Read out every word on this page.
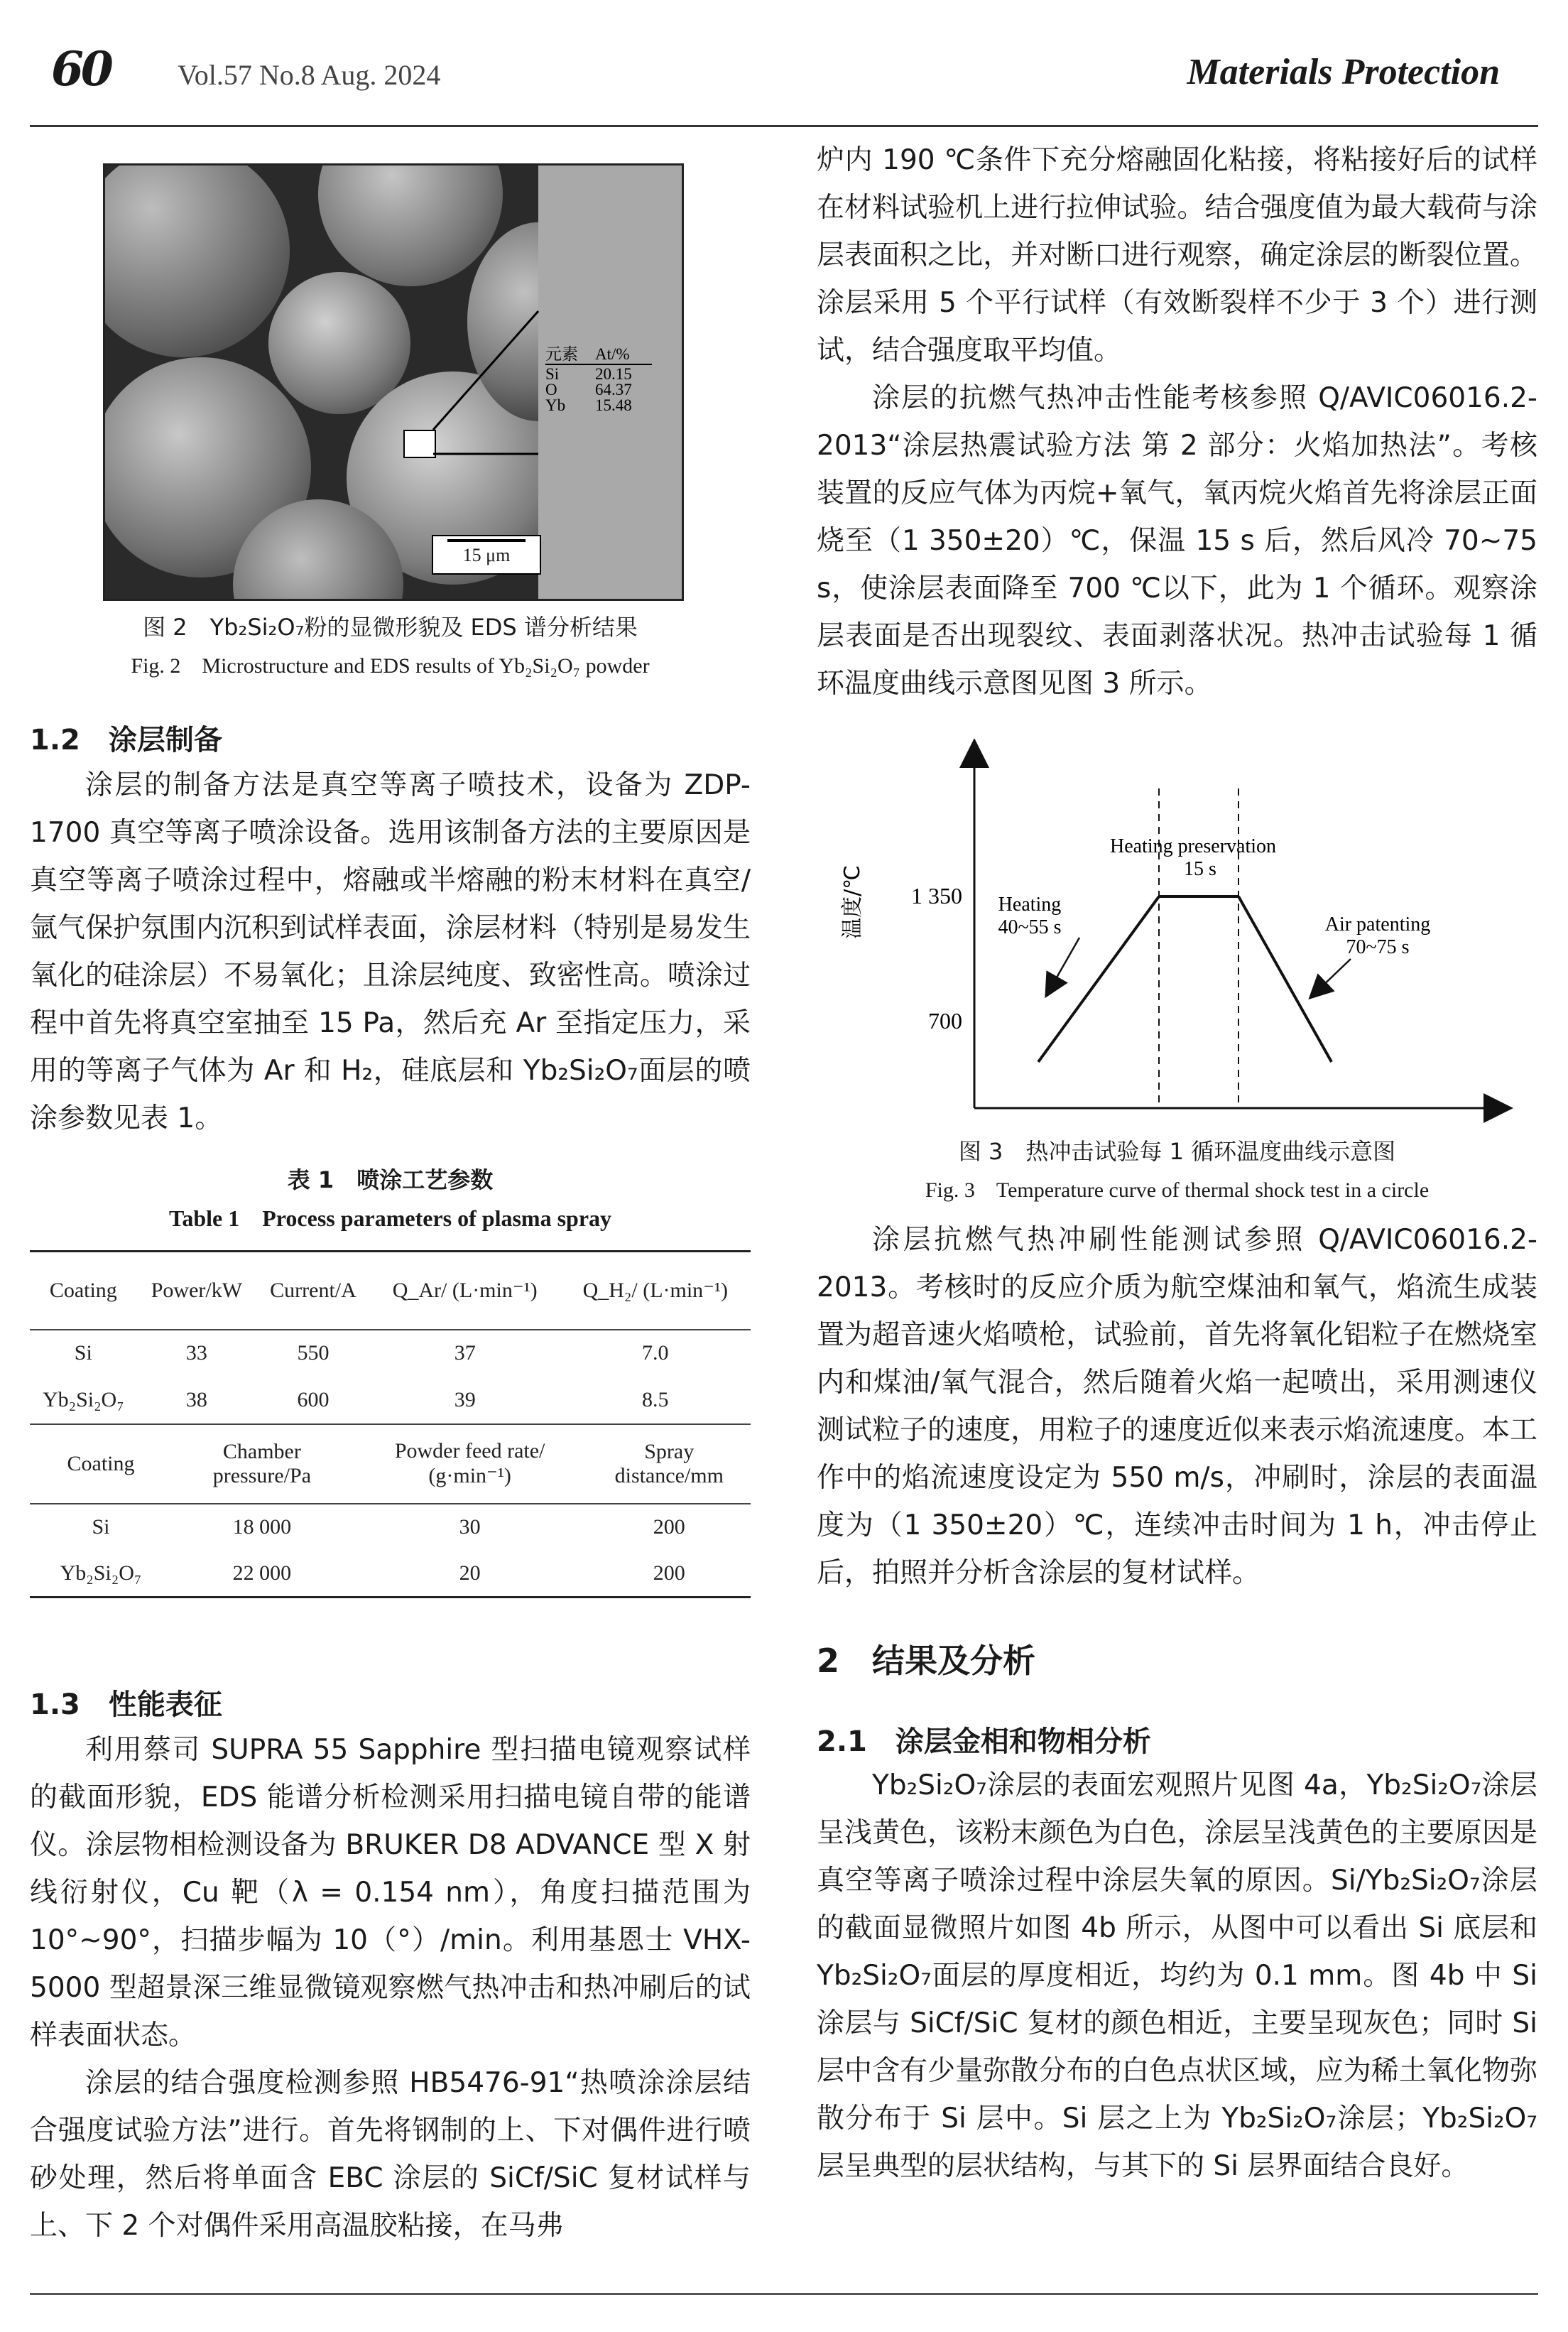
60 Vol.57 No.8 Aug. 2024	Materials Protection
15 μm
元素	At/%
Si	20.15
O	64.37
Yb	15.48
图 2　Yb₂Si₂O₇粉的显微形貌及 EDS 谱分析结果
Fig. 2　Microstructure and EDS results of Yb₂Si₂O₇ powder
1.2　涂层制备

涂层的制备方法是真空等离子喷技术，设备为 ZDP-1700 真空等离子喷涂设备。选用该制备方法的主要原因是真空等离子喷涂过程中，熔融或半熔融的粉末材料在真空/氩气保护氛围内沉积到试样表面，涂层材料（特别是易发生氧化的硅涂层）不易氧化；且涂层纯度、致密性高。喷涂过程中首先将真空室抽至 15 Pa，然后充 Ar 至指定压力，采用的等离子气体为 Ar 和 H₂，硅底层和 Yb₂Si₂O₇面层的喷涂参数见表 1。

表 1　喷涂工艺参数
Table 1　Process parameters of plasma spray
Coating	Power/kW	Current/A	Q_Ar/ (L·min⁻¹)	Q_H₂/ (L·min⁻¹)
Si	33	550	37	7.0
Yb₂Si₂O₇	38	600	39	8.5
Coating	Chamber pressure/Pa	Powder feed rate/ (g·min⁻¹)	Spray distance/mm
Si	18 000	30	200
Yb₂Si₂O₇	22 000	20	200
1.3　性能表征

利用蔡司 SUPRA 55 Sapphire 型扫描电镜观察试样的截面形貌，EDS 能谱分析检测采用扫描电镜自带的能谱仪。涂层物相检测设备为 BRUKER D8 ADVANCE 型 X 射线衍射仪，Cu 靶（λ = 0.154 nm），角度扫描范围为 10°~90°，扫描步幅为 10（°）/min。利用基恩士 VHX-5000 型超景深三维显微镜观察燃气热冲击和热冲刷后的试样表面状态。

涂层的结合强度检测参照 HB5476-91“热喷涂涂层结合强度试验方法”进行。首先将钢制的上、下对偶件进行喷砂处理，然后将单面含 EBC 涂层的 SiCf/SiC 复材试样与上、下 2 个对偶件采用高温胶粘接，在马弗

炉内 190 ℃条件下充分熔融固化粘接，将粘接好后的试样在材料试验机上进行拉伸试验。结合强度值为最大载荷与涂层表面积之比，并对断口进行观察，确定涂层的断裂位置。涂层采用 5 个平行试样（有效断裂样不少于 3 个）进行测试，结合强度取平均值。

涂层的抗燃气热冲击性能考核参照 Q/AVIC06016.2-2013“涂层热震试验方法 第 2 部分：火焰加热法”。考核装置的反应气体为丙烷+氧气，氧丙烷火焰首先将涂层正面烧至（1 350±20）℃，保温 15 s 后，然后风冷 70~75 s，使涂层表面降至 700 ℃以下，此为 1 个循环。观察涂层表面是否出现裂纹、表面剥落状况。热冲击试验每 1 循环温度曲线示意图见图 3 所示。

温度/℃ 1 350
700
Heating
40~55 s
Heating preservation
15 s
Air patenting
70~75 s
图 3　热冲击试验每 1 循环温度曲线示意图
Fig. 3　Temperature curve of thermal shock test in a circle

涂层抗燃气热冲刷性能测试参照 Q/AVIC06016.2-2013。考核时的反应介质为航空煤油和氧气，焰流生成装置为超音速火焰喷枪，试验前，首先将氧化铝粒子在燃烧室内和煤油/氧气混合，然后随着火焰一起喷出，采用测速仪测试粒子的速度，用粒子的速度近似来表示焰流速度。本工作中的焰流速度设定为 550 m/s，冲刷时，涂层的表面温度为（1 350±20）℃，连续冲击时间为 1 h，冲击停止后，拍照并分析含涂层的复材试样。

2　结果及分析
2.1　涂层金相和物相分析

Yb₂Si₂O₇涂层的表面宏观照片见图 4a，Yb₂Si₂O₇涂层呈浅黄色，该粉末颜色为白色，涂层呈浅黄色的主要原因是真空等离子喷涂过程中涂层失氧的原因。Si/Yb₂Si₂O₇涂层的截面显微照片如图 4b 所示，从图中可以看出 Si 底层和 Yb₂Si₂O₇面层的厚度相近，均约为 0.1 mm。图 4b 中 Si 涂层与 SiCf/SiC 复材的颜色相近，主要呈现灰色；同时 Si 层中含有少量弥散分布的白色点状区域，应为稀土氧化物弥散分布于 Si 层中。Si 层之上为 Yb₂Si₂O₇涂层；Yb₂Si₂O₇层呈典型的层状结构，与其下的 Si 层界面结合良好。
